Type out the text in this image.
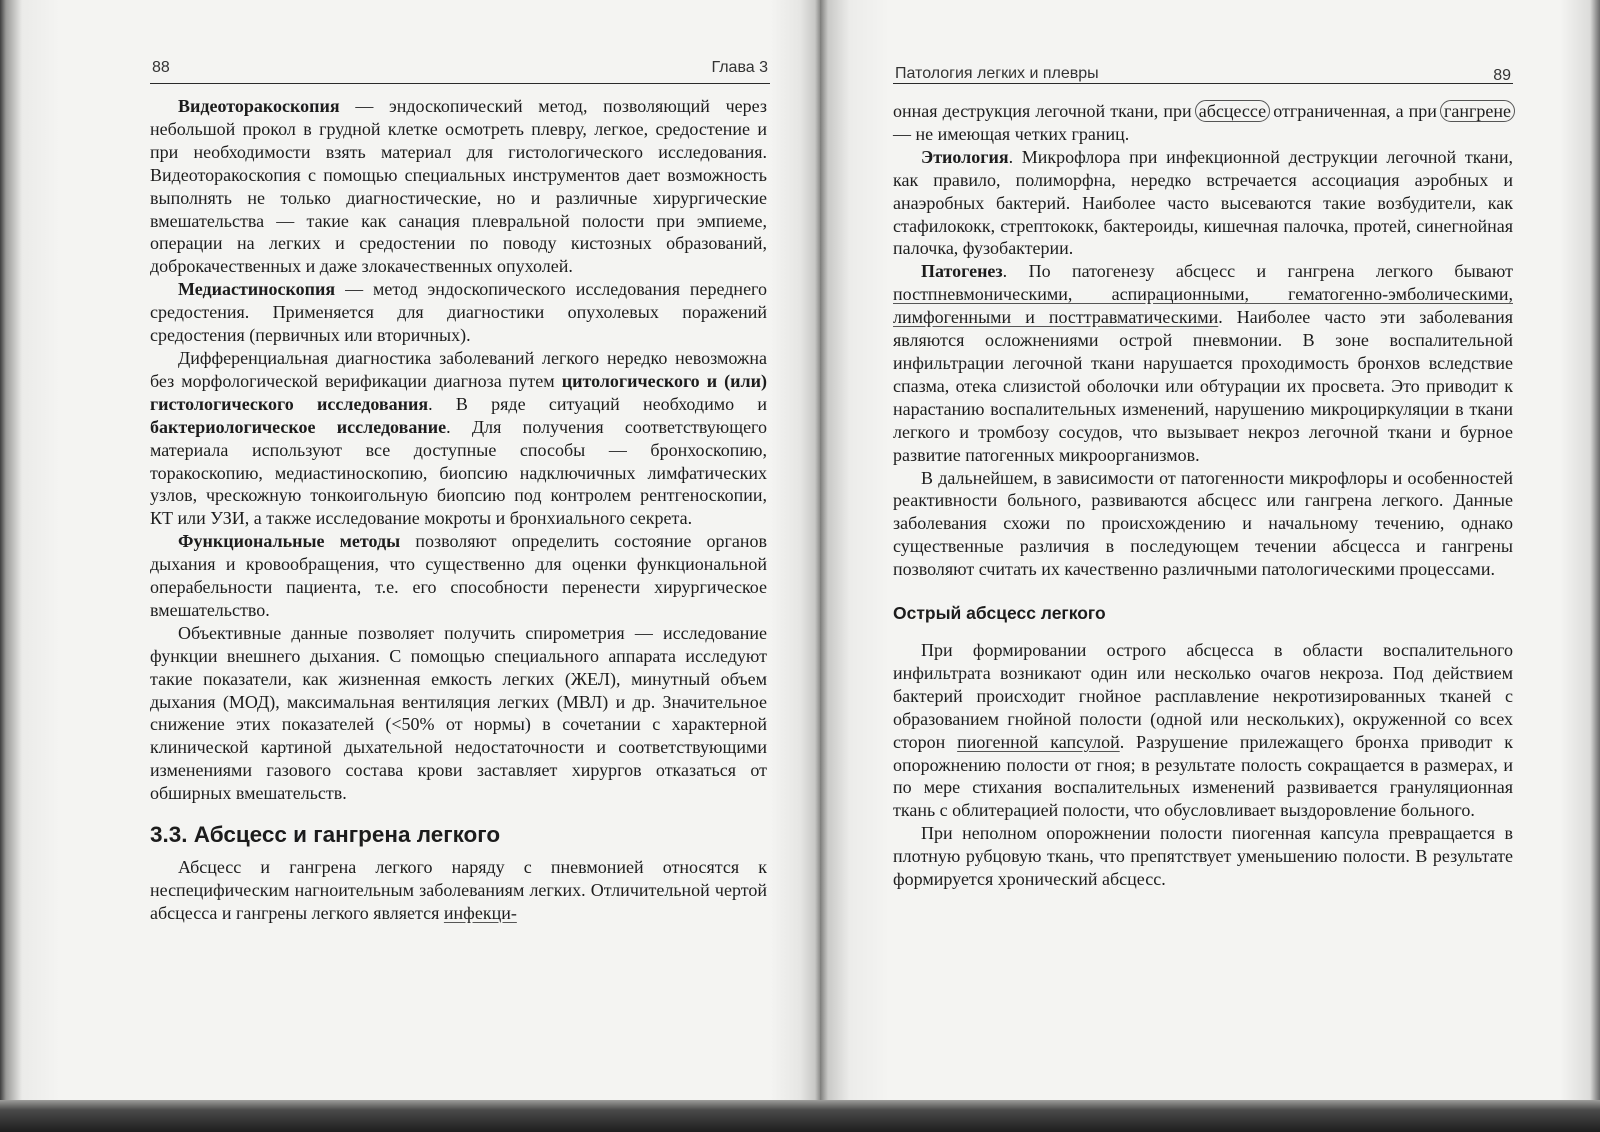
88	Глава 3	Патология легких и плевры	89

Видеоторакоскопия — эндоскопический метод, позволяющий через небольшой прокол в грудной клетке осмотреть плевру, легкое, средостение и при необходимости взять материал для гистологического исследования. Видеоторакоскопия с помощью специальных инструментов дает возможность выполнять не только диагностические, но и различные хирургические вмешательства — такие как санация плевральной полости при эмпиеме, операции на легких и средостении по поводу кистозных образований, доброкачественных и даже злокачественных опухолей.

Медиастиноскопия — метод эндоскопического исследования переднего средостения. Применяется для диагностики опухолевых поражений средостения (первичных или вторичных).

Дифференциальная диагностика заболеваний легкого нередко невозможна без морфологической верификации диагноза путем цитологического и (или) гистологического исследования. В ряде ситуаций необходимо и бактериологическое исследование. Для получения соответствующего материала используют все доступные способы — бронхоскопию, торакоскопию, медиастиноскопию, биопсию надключичных лимфатических узлов, чрескожную тонкоигольную биопсию под контролем рентгеноскопии, КТ или УЗИ, а также исследование мокроты и бронхиального секрета.

Функциональные методы позволяют определить состояние органов дыхания и кровообращения, что существенно для оценки функциональной операбельности пациента, т.е. его способности перенести хирургическое вмешательство.

Объективные данные позволяет получить спирометрия — исследование функции внешнего дыхания. С помощью специального аппарата исследуют такие показатели, как жизненная емкость легких (ЖЕЛ), минутный объем дыхания (МОД), максимальная вентиляция легких (МВЛ) и др. Значительное снижение этих показателей (<50% от нормы) в сочетании с характерной клинической картиной дыхательной недостаточности и соответствующими изменениями газового состава крови заставляет хирургов отказаться от обширных вмешательств.

3.3. Абсцесс и гангрена легкого

Абсцесс и гангрена легкого наряду с пневмонией относятся к неспецифическим нагноительным заболеваниям легких. Отличительной чертой абсцесса и гангрены легкого является инфекци-

онная деструкция легочной ткани, при абсцессе отграниченная, а при гангрене — не имеющая четких границ.

Этиология. Микрофлора при инфекционной деструкции легочной ткани, как правило, полиморфна, нередко встречается ассоциация аэробных и анаэробных бактерий. Наиболее часто высеваются такие возбудители, как стафилококк, стрептококк, бактероиды, кишечная палочка, протей, синегнойная палочка, фузобактерии.

Патогенез. По патогенезу абсцесс и гангрена легкого бывают постпневмоническими, аспирационными, гематогенно-эмболическими, лимфогенными и посттравматическими. Наиболее часто эти заболевания являются осложнениями острой пневмонии. В зоне воспалительной инфильтрации легочной ткани нарушается проходимость бронхов вследствие спазма, отека слизистой оболочки или обтурации их просвета. Это приводит к нарастанию воспалительных изменений, нарушению микроциркуляции в ткани легкого и тромбозу сосудов, что вызывает некроз легочной ткани и бурное развитие патогенных микроорганизмов.

В дальнейшем, в зависимости от патогенности микрофлоры и особенностей реактивности больного, развиваются абсцесс или гангрена легкого. Данные заболевания схожи по происхождению и начальному течению, однако существенные различия в последующем течении абсцесса и гангрены позволяют считать их качественно различными патологическими процессами.

Острый абсцесс легкого

При формировании острого абсцесса в области воспалительного инфильтрата возникают один или несколько очагов некроза. Под действием бактерий происходит гнойное расплавление некротизированных тканей с образованием гнойной полости (одной или нескольких), окруженной со всех сторон пиогенной капсулой. Разрушение прилежащего бронха приводит к опорожнению полости от гноя; в результате полость сокращается в размерах, и по мере стихания воспалительных изменений развивается грануляционная ткань с облитерацией полости, что обусловливает выздоровление больного.

При неполном опорожнении полости пиогенная капсула превращается в плотную рубцовую ткань, что препятствует уменьшению полости. В результате формируется хронический абсцесс.
